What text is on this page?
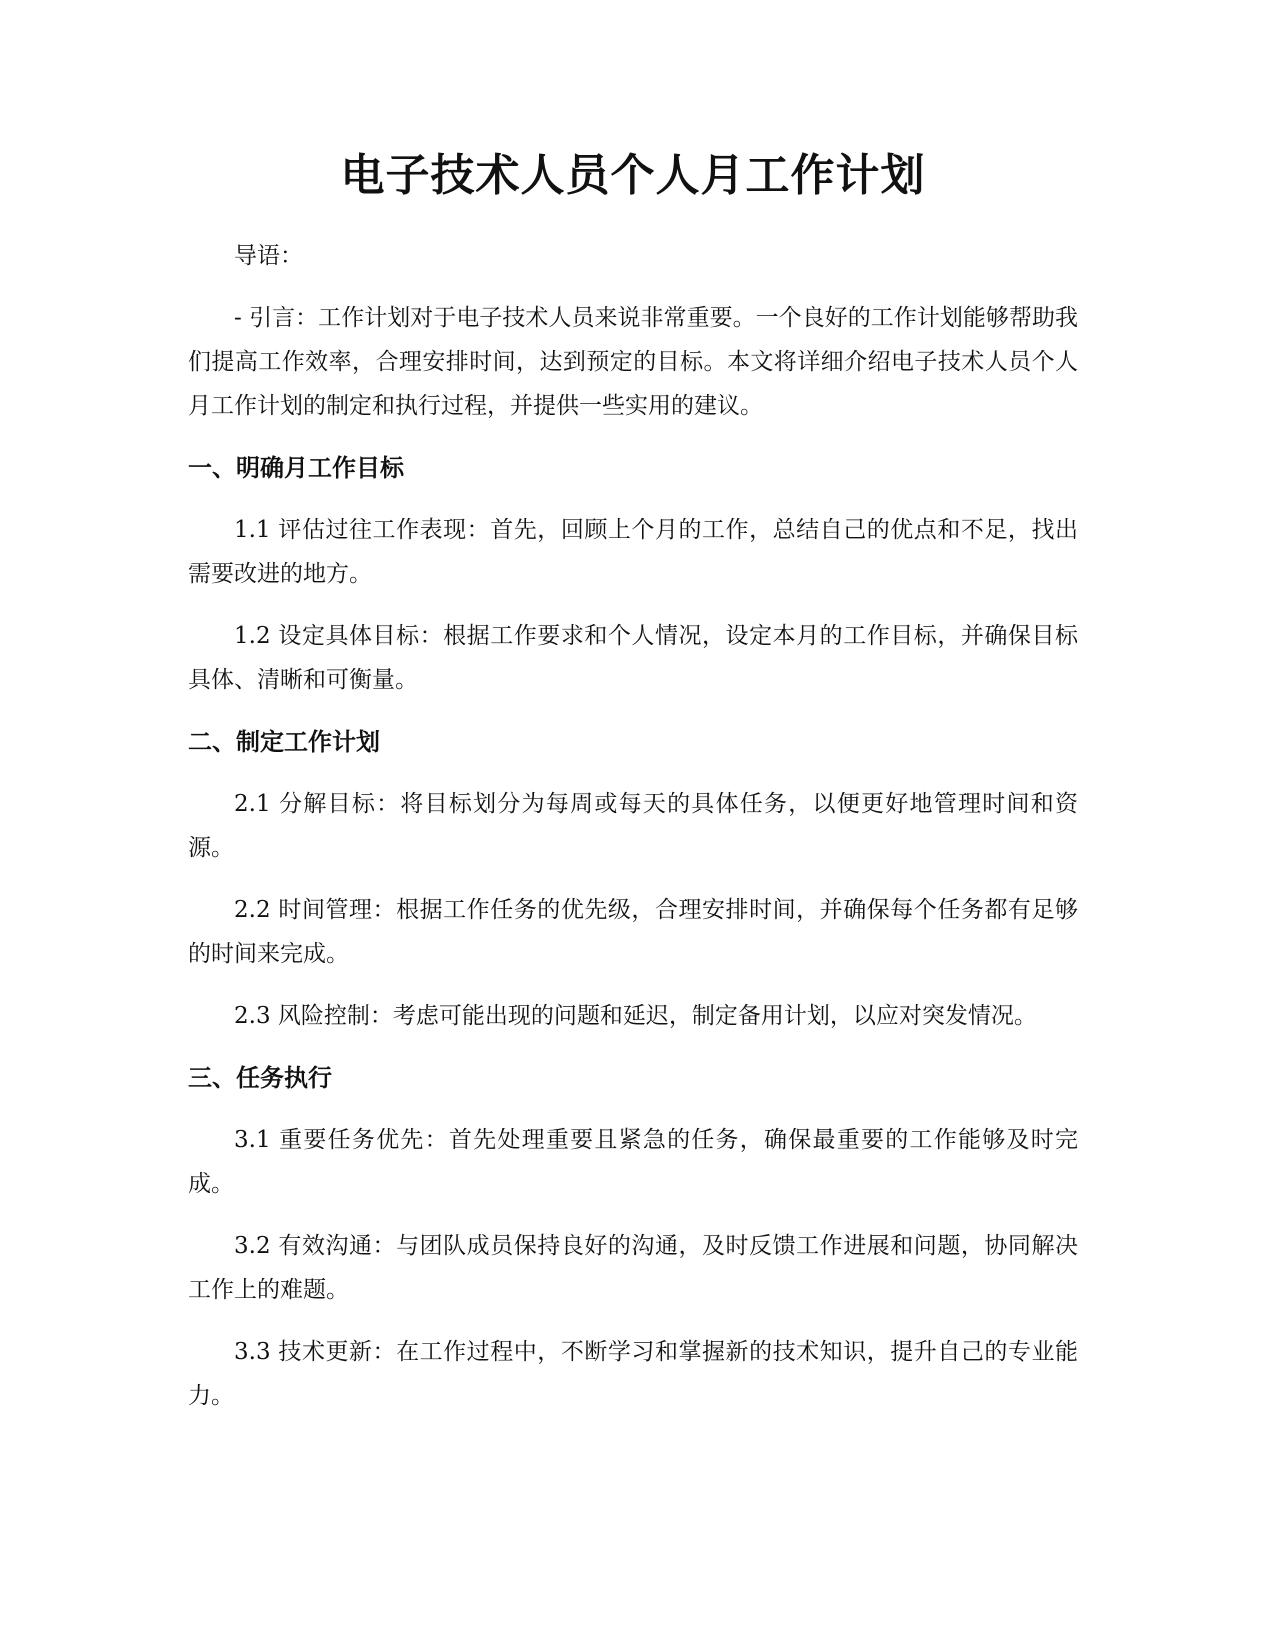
电子技术人员个人月工作计划

导语：

- 引言：工作计划对于电子技术人员来说非常重要。一个良好的工作计划能够帮助我们提高工作效率，合理安排时间，达到预定的目标。本文将详细介绍电子技术人员个人月工作计划的制定和执行过程，并提供一些实用的建议。

一、明确月工作目标

1.1 评估过往工作表现：首先，回顾上个月的工作，总结自己的优点和不足，找出需要改进的地方。

1.2 设定具体目标：根据工作要求和个人情况，设定本月的工作目标，并确保目标具体、清晰和可衡量。

二、制定工作计划

2.1 分解目标：将目标划分为每周或每天的具体任务，以便更好地管理时间和资源。

2.2 时间管理：根据工作任务的优先级，合理安排时间，并确保每个任务都有足够的时间来完成。

2.3 风险控制：考虑可能出现的问题和延迟，制定备用计划，以应对突发情况。

三、任务执行

3.1 重要任务优先：首先处理重要且紧急的任务，确保最重要的工作能够及时完成。

3.2 有效沟通：与团队成员保持良好的沟通，及时反馈工作进展和问题，协同解决工作上的难题。

3.3 技术更新：在工作过程中，不断学习和掌握新的技术知识，提升自己的专业能力。
